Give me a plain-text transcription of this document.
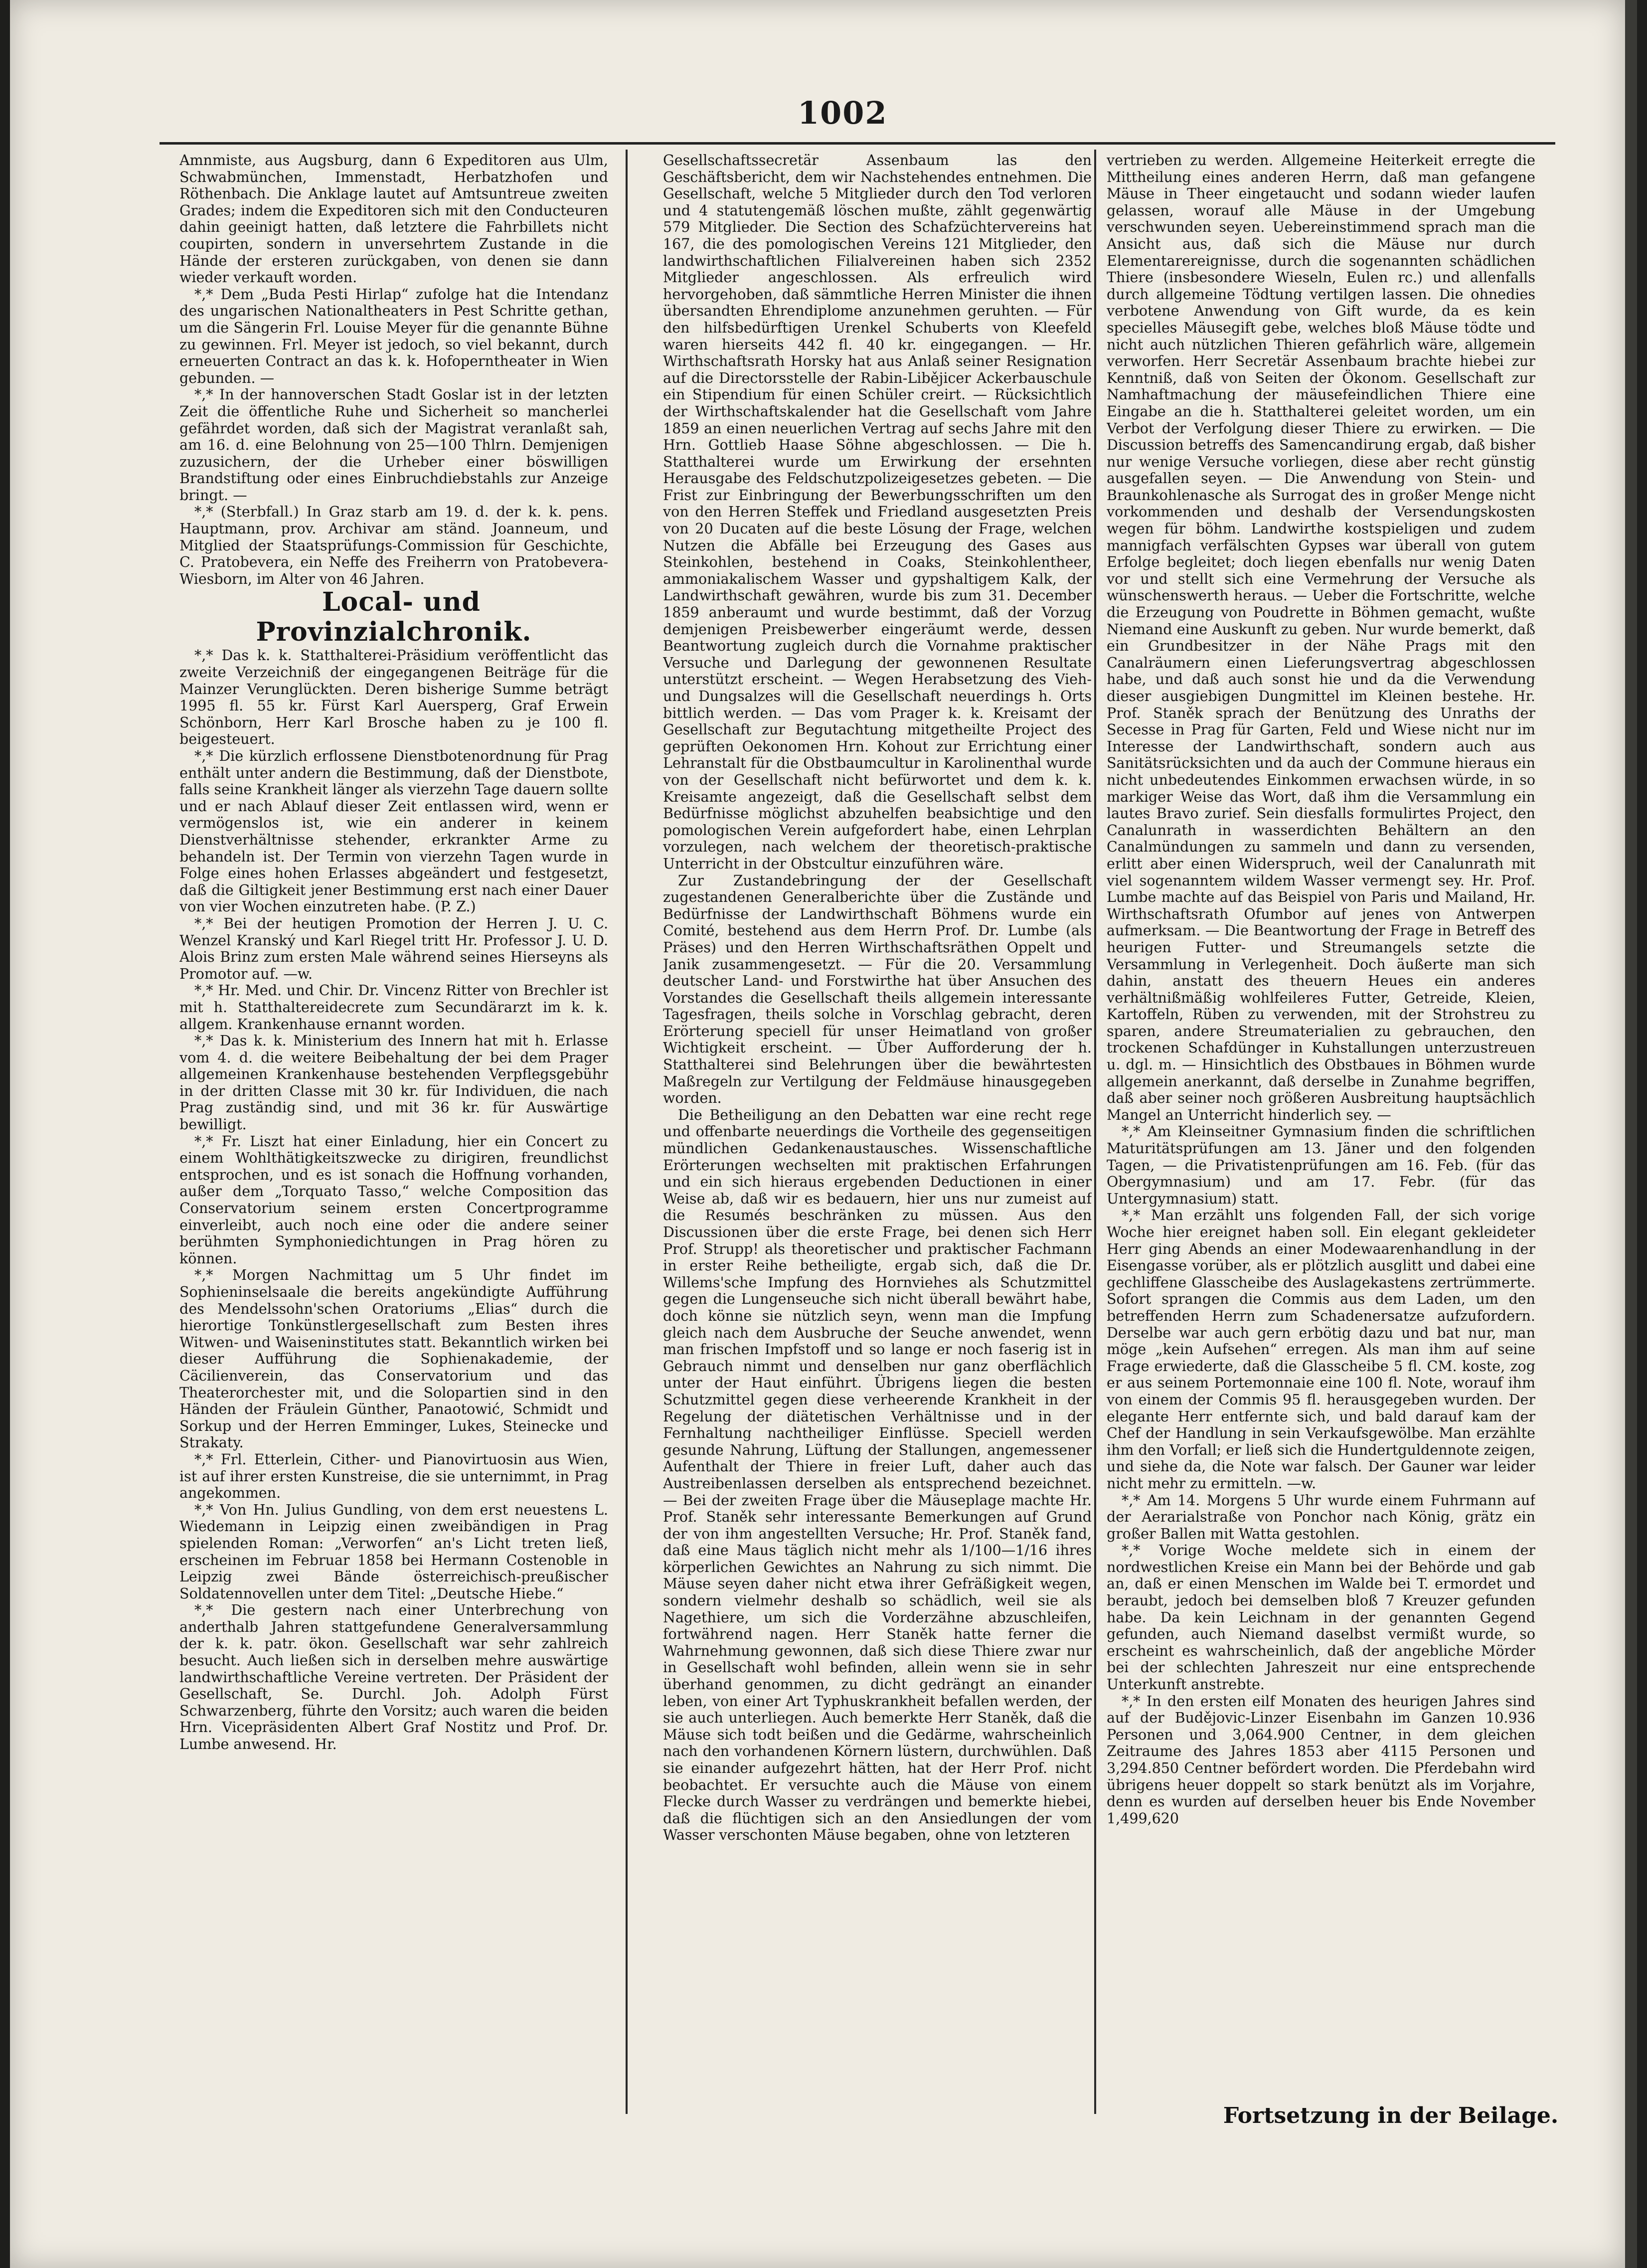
1002

Amnmiste, aus Augsburg, dann 6 Expeditoren aus Ulm, Schwabmünchen, Immenstadt, Herbatzhofen und Röthenbach. Die Anklage lautet auf Amtsuntreue zweiten Grades; indem die Expeditoren sich mit den Conducteuren dahin geeinigt hatten, daß letztere die Fahrbillets nicht coupirten, sondern in unversehrtem Zustande in die Hände der ersteren zurückgaben, von denen sie dann wieder verkauft worden.

*,* Dem „Buda Pesti Hirlap“ zufolge hat die Intendanz des ungarischen Nationaltheaters in Pest Schritte gethan, um die Sängerin Frl. Louise Meyer für die genannte Bühne zu gewinnen. Frl. Meyer ist jedoch, so viel bekannt, durch erneuerten Contract an das k. k. Hofoperntheater in Wien gebunden. —

*,* In der hannoverschen Stadt Goslar ist in der letzten Zeit die öffentliche Ruhe und Sicherheit so mancherlei gefährdet worden, daß sich der Magistrat veranlaßt sah, am 16. d. eine Belohnung von 25—100 Thlrn. Demjenigen zuzusichern, der die Urheber einer böswilligen Brandstiftung oder eines Einbruchdiebstahls zur Anzeige bringt. —

*,* (Sterbfall.) In Graz starb am 19. d. der k. k. pens. Hauptmann, prov. Archivar am ständ. Joanneum, und Mitglied der Staatsprüfungs-Commission für Geschichte, C. Pratobevera, ein Neffe des Freiherrn von Pratobevera-Wiesborn, im Alter von 46 Jahren.

Local- und Provinzialchronik.

*,* Das k. k. Statthalterei-Präsidium veröffentlicht das zweite Verzeichniß der eingegangenen Beiträge für die Mainzer Verunglückten. Deren bisherige Summe beträgt 1995 fl. 55 kr. Fürst Karl Auersperg, Graf Erwein Schönborn, Herr Karl Brosche haben zu je 100 fl. beigesteuert.

*,* Die kürzlich erflossene Dienstbotenordnung für Prag enthält unter andern die Bestimmung, daß der Dienstbote, falls seine Krankheit länger als vierzehn Tage dauern sollte und er nach Ablauf dieser Zeit entlassen wird, wenn er vermögenslos ist, wie ein anderer in keinem Dienstverhältnisse stehender, erkrankter Arme zu behandeln ist. Der Termin von vierzehn Tagen wurde in Folge eines hohen Erlasses abgeändert und festgesetzt, daß die Giltigkeit jener Bestimmung erst nach einer Dauer von vier Wochen einzutreten habe. (P. Z.)

*,* Bei der heutigen Promotion der Herren J. U. C. Wenzel Kranský und Karl Riegel tritt Hr. Professor J. U. D. Alois Brinz zum ersten Male während seines Hierseyns als Promotor auf. —w.

*,* Hr. Med. und Chir. Dr. Vincenz Ritter von Brechler ist mit h. Statthaltereidecrete zum Secundärarzt im k. k. allgem. Krankenhause ernannt worden.

*,* Das k. k. Ministerium des Innern hat mit h. Erlasse vom 4. d. die weitere Beibehaltung der bei dem Prager allgemeinen Krankenhause bestehenden Verpflegsgebühr in der dritten Classe mit 30 kr. für Individuen, die nach Prag zuständig sind, und mit 36 kr. für Auswärtige bewilligt.

*,* Fr. Liszt hat einer Einladung, hier ein Concert zu einem Wohlthätigkeitszwecke zu dirigiren, freundlichst entsprochen, und es ist sonach die Hoffnung vorhanden, außer dem „Torquato Tasso,“ welche Composition das Conservatorium seinem ersten Concertprogramme einverleibt, auch noch eine oder die andere seiner berühmten Symphoniedichtungen in Prag hören zu können.

*,* Morgen Nachmittag um 5 Uhr findet im Sophieninselsaale die bereits angekündigte Aufführung des Mendelssohn'schen Oratoriums „Elias“ durch die hierortige Tonkünstlergesellschaft zum Besten ihres Witwen- und Waiseninstitutes statt. Bekanntlich wirken bei dieser Aufführung die Sophienakademie, der Cäcilienverein, das Conservatorium und das Theaterorchester mit, und die Solopartien sind in den Händen der Fräulein Günther, Panaotowić, Schmidt und Sorkup und der Herren Emminger, Lukes, Steinecke und Strakaty.

*,* Frl. Etterlein, Cither- und Pianovirtuosin aus Wien, ist auf ihrer ersten Kunstreise, die sie unternimmt, in Prag angekommen.

*,* Von Hn. Julius Gundling, von dem erst neuestens L. Wiedemann in Leipzig einen zweibändigen in Prag spielenden Roman: „Verworfen“ an's Licht treten ließ, erscheinen im Februar 1858 bei Hermann Costenoble in Leipzig zwei Bände österreichisch-preußischer Soldatennovellen unter dem Titel: „Deutsche Hiebe.“

*,* Die gestern nach einer Unterbrechung von anderthalb Jahren stattgefundene Generalversammlung der k. k. patr. ökon. Gesellschaft war sehr zahlreich besucht. Auch ließen sich in derselben mehre auswärtige landwirthschaftliche Vereine vertreten. Der Präsident der Gesellschaft, Se. Durchl. Joh. Adolph Fürst Schwarzenberg, führte den Vorsitz; auch waren die beiden Hrn. Vicepräsidenten Albert Graf Nostitz und Prof. Dr. Lumbe anwesend. Hr.

Gesellschaftssecretär Assenbaum las den Geschäftsbericht, dem wir Nachstehendes entnehmen. Die Gesellschaft, welche 5 Mitglieder durch den Tod verloren und 4 statutengemäß löschen mußte, zählt gegenwärtig 579 Mitglieder. Die Section des Schafzüchtervereins hat 167, die des pomologischen Vereins 121 Mitglieder, den landwirthschaftlichen Filialvereinen haben sich 2352 Mitglieder angeschlossen. Als erfreulich wird hervorgehoben, daß sämmtliche Herren Minister die ihnen übersandten Ehrendiplome anzunehmen geruhten. — Für den hilfsbedürftigen Urenkel Schuberts von Kleefeld waren hierseits 442 fl. 40 kr. eingegangen. — Hr. Wirthschaftsrath Horsky hat aus Anlaß seiner Resignation auf die Directorsstelle der Rabin-Libějicer Ackerbauschule ein Stipendium für einen Schüler creirt. — Rücksichtlich der Wirthschaftskalender hat die Gesellschaft vom Jahre 1859 an einen neuerlichen Vertrag auf sechs Jahre mit den Hrn. Gottlieb Haase Söhne abgeschlossen. — Die h. Statthalterei wurde um Erwirkung der ersehnten Herausgabe des Feldschutzpolizeigesetzes gebeten. — Die Frist zur Einbringung der Bewerbungsschriften um den von den Herren Steffek und Friedland ausgesetzten Preis von 20 Ducaten auf die beste Lösung der Frage, welchen Nutzen die Abfälle bei Erzeugung des Gases aus Steinkohlen, bestehend in Coaks, Steinkohlentheer, ammoniakalischem Wasser und gypshaltigem Kalk, der Landwirthschaft gewähren, wurde bis zum 31. December 1859 anberaumt und wurde bestimmt, daß der Vorzug demjenigen Preisbewerber eingeräumt werde, dessen Beantwortung zugleich durch die Vornahme praktischer Versuche und Darlegung der gewonnenen Resultate unterstützt erscheint. — Wegen Herabsetzung des Vieh- und Dungsalzes will die Gesellschaft neuerdings h. Orts bittlich werden. — Das vom Prager k. k. Kreisamt der Gesellschaft zur Begutachtung mitgetheilte Project des geprüften Oekonomen Hrn. Kohout zur Errichtung einer Lehranstalt für die Obstbaumcultur in Karolinenthal wurde von der Gesellschaft nicht befürwortet und dem k. k. Kreisamte angezeigt, daß die Gesellschaft selbst dem Bedürfnisse möglichst abzuhelfen beabsichtige und den pomologischen Verein aufgefordert habe, einen Lehrplan vorzulegen, nach welchem der theoretisch-praktische Unterricht in der Obstcultur einzuführen wäre.

Zur Zustandebringung der der Gesellschaft zugestandenen Generalberichte über die Zustände und Bedürfnisse der Landwirthschaft Böhmens wurde ein Comité, bestehend aus dem Herrn Prof. Dr. Lumbe (als Präses) und den Herren Wirthschaftsräthen Oppelt und Janik zusammengesetzt. — Für die 20. Versammlung deutscher Land- und Forstwirthe hat über Ansuchen des Vorstandes die Gesellschaft theils allgemein interessante Tagesfragen, theils solche in Vorschlag gebracht, deren Erörterung speciell für unser Heimatland von großer Wichtigkeit erscheint. — Über Aufforderung der h. Statthalterei sind Belehrungen über die bewährtesten Maßregeln zur Vertilgung der Feldmäuse hinausgegeben worden.

Die Betheiligung an den Debatten war eine recht rege und offenbarte neuerdings die Vortheile des gegenseitigen mündlichen Gedankenaustausches. Wissenschaftliche Erörterungen wechselten mit praktischen Erfahrungen und ein sich hieraus ergebenden Deductionen in einer Weise ab, daß wir es bedauern, hier uns nur zumeist auf die Resumés beschränken zu müssen. Aus den Discussionen über die erste Frage, bei denen sich Herr Prof. Strupp! als theoretischer und praktischer Fachmann in erster Reihe betheiligte, ergab sich, daß die Dr. Willems'sche Impfung des Hornviehes als Schutzmittel gegen die Lungenseuche sich nicht überall bewährt habe, doch könne sie nützlich seyn, wenn man die Impfung gleich nach dem Ausbruche der Seuche anwendet, wenn man frischen Impfstoff und so lange er noch faserig ist in Gebrauch nimmt und denselben nur ganz oberflächlich unter der Haut einführt. Übrigens liegen die besten Schutzmittel gegen diese verheerende Krankheit in der Regelung der diätetischen Verhältnisse und in der Fernhaltung nachtheiliger Einflüsse. Speciell werden gesunde Nahrung, Lüftung der Stallungen, angemessener Aufenthalt der Thiere in freier Luft, daher auch das Austreibenlassen derselben als entsprechend bezeichnet. — Bei der zweiten Frage über die Mäuseplage machte Hr. Prof. Staněk sehr interessante Bemerkungen auf Grund der von ihm angestellten Versuche; Hr. Prof. Staněk fand, daß eine Maus täglich nicht mehr als 1/100—1/16 ihres körperlichen Gewichtes an Nahrung zu sich nimmt. Die Mäuse seyen daher nicht etwa ihrer Gefräßigkeit wegen, sondern vielmehr deshalb so schädlich, weil sie als Nagethiere, um sich die Vorderzähne abzuschleifen, fortwährend nagen. Herr Staněk hatte ferner die Wahrnehmung gewonnen, daß sich diese Thiere zwar nur in Gesellschaft wohl befinden, allein wenn sie in sehr überhand genommen, zu dicht gedrängt an einander leben, von einer Art Typhuskrankheit befallen werden, der sie auch unterliegen. Auch bemerkte Herr Staněk, daß die Mäuse sich todt beißen und die Gedärme, wahrscheinlich nach den vorhandenen Körnern lüstern, durchwühlen. Daß sie einander aufgezehrt hätten, hat der Herr Prof. nicht beobachtet. Er versuchte auch die Mäuse von einem Flecke durch Wasser zu verdrängen und bemerkte hiebei, daß die flüchtigen sich an den Ansiedlungen der vom Wasser verschonten Mäuse begaben, ohne von letzteren

vertrieben zu werden. Allgemeine Heiterkeit erregte die Mittheilung eines anderen Herrn, daß man gefangene Mäuse in Theer eingetaucht und sodann wieder laufen gelassen, worauf alle Mäuse in der Umgebung verschwunden seyen. Uebereinstimmend sprach man die Ansicht aus, daß sich die Mäuse nur durch Elementarereignisse, durch die sogenannten schädlichen Thiere (insbesondere Wieseln, Eulen rc.) und allenfalls durch allgemeine Tödtung vertilgen lassen. Die ohnedies verbotene Anwendung von Gift wurde, da es kein specielles Mäusegift gebe, welches bloß Mäuse tödte und nicht auch nützlichen Thieren gefährlich wäre, allgemein verworfen. Herr Secretär Assenbaum brachte hiebei zur Kenntniß, daß von Seiten der Ökonom. Gesellschaft zur Namhaftmachung der mäusefeindlichen Thiere eine Eingabe an die h. Statthalterei geleitet worden, um ein Verbot der Verfolgung dieser Thiere zu erwirken. — Die Discussion betreffs des Samencandirung ergab, daß bisher nur wenige Versuche vorliegen, diese aber recht günstig ausgefallen seyen. — Die Anwendung von Stein- und Braunkohlenasche als Surrogat des in großer Menge nicht vorkommenden und deshalb der Versendungskosten wegen für böhm. Landwirthe kostspieligen und zudem mannigfach verfälschten Gypses war überall von gutem Erfolge begleitet; doch liegen ebenfalls nur wenig Daten vor und stellt sich eine Vermehrung der Versuche als wünschenswerth heraus. — Ueber die Fortschritte, welche die Erzeugung von Poudrette in Böhmen gemacht, wußte Niemand eine Auskunft zu geben. Nur wurde bemerkt, daß ein Grundbesitzer in der Nähe Prags mit den Canalräumern einen Lieferungsvertrag abgeschlossen habe, und daß auch sonst hie und da die Verwendung dieser ausgiebigen Dungmittel im Kleinen bestehe. Hr. Prof. Staněk sprach der Benützung des Unraths der Secesse in Prag für Garten, Feld und Wiese nicht nur im Interesse der Landwirthschaft, sondern auch aus Sanitätsrücksichten und da auch der Commune hieraus ein nicht unbedeutendes Einkommen erwachsen würde, in so markiger Weise das Wort, daß ihm die Versammlung ein lautes Bravo zurief. Sein diesfalls formulirtes Project, den Canalunrath in wasserdichten Behältern an den Canalmündungen zu sammeln und dann zu versenden, erlitt aber einen Widerspruch, weil der Canalunrath mit viel sogenanntem wildem Wasser vermengt sey. Hr. Prof. Lumbe machte auf das Beispiel von Paris und Mailand, Hr. Wirthschaftsrath Ofumbor auf jenes von Antwerpen aufmerksam. — Die Beantwortung der Frage in Betreff des heurigen Futter- und Streumangels setzte die Versammlung in Verlegenheit. Doch äußerte man sich dahin, anstatt des theuern Heues ein anderes verhältnißmäßig wohlfeileres Futter, Getreide, Kleien, Kartoffeln, Rüben zu verwenden, mit der Strohstreu zu sparen, andere Streumaterialien zu gebrauchen, den trockenen Schafdünger in Kuhstallungen unterzustreuen u. dgl. m. — Hinsichtlich des Obstbaues in Böhmen wurde allgemein anerkannt, daß derselbe in Zunahme begriffen, daß aber seiner noch größeren Ausbreitung hauptsächlich Mangel an Unterricht hinderlich sey. —

*,* Am Kleinseitner Gymnasium finden die schriftlichen Maturitätsprüfungen am 13. Jäner und den folgenden Tagen, — die Privatistenprüfungen am 16. Feb. (für das Obergymnasium) und am 17. Febr. (für das Untergymnasium) statt.

*,* Man erzählt uns folgenden Fall, der sich vorige Woche hier ereignet haben soll. Ein elegant gekleideter Herr ging Abends an einer Modewaarenhandlung in der Eisengasse vorüber, als er plötzlich ausglitt und dabei eine gechliffene Glasscheibe des Auslagekastens zertrümmerte. Sofort sprangen die Commis aus dem Laden, um den betreffenden Herrn zum Schadenersatze aufzufordern. Derselbe war auch gern erbötig dazu und bat nur, man möge „kein Aufsehen“ erregen. Als man ihm auf seine Frage erwiederte, daß die Glasscheibe 5 fl. CM. koste, zog er aus seinem Portemonnaie eine 100 fl. Note, worauf ihm von einem der Commis 95 fl. herausgegeben wurden. Der elegante Herr entfernte sich, und bald darauf kam der Chef der Handlung in sein Verkaufsgewölbe. Man erzählte ihm den Vorfall; er ließ sich die Hundertguldennote zeigen, und siehe da, die Note war falsch. Der Gauner war leider nicht mehr zu ermitteln. —w.

*,* Am 14. Morgens 5 Uhr wurde einem Fuhrmann auf der Aerarialstraße von Ponchor nach König, grätz ein großer Ballen mit Watta gestohlen.

*,* Vorige Woche meldete sich in einem der nordwestlichen Kreise ein Mann bei der Behörde und gab an, daß er einen Menschen im Walde bei T. ermordet und beraubt, jedoch bei demselben bloß 7 Kreuzer gefunden habe. Da kein Leichnam in der genannten Gegend gefunden, auch Niemand daselbst vermißt wurde, so erscheint es wahrscheinlich, daß der angebliche Mörder bei der schlechten Jahreszeit nur eine entsprechende Unterkunft anstrebte.

*,* In den ersten eilf Monaten des heurigen Jahres sind auf der Budějovic-Linzer Eisenbahn im Ganzen 10.936 Personen und 3,064.900 Centner, in dem gleichen Zeitraume des Jahres 1853 aber 4115 Personen und 3,294.850 Centner befördert worden. Die Pferdebahn wird übrigens heuer doppelt so stark benützt als im Vorjahre, denn es wurden auf derselben heuer bis Ende November 1,499,620

Fortsetzung in der Beilage.
